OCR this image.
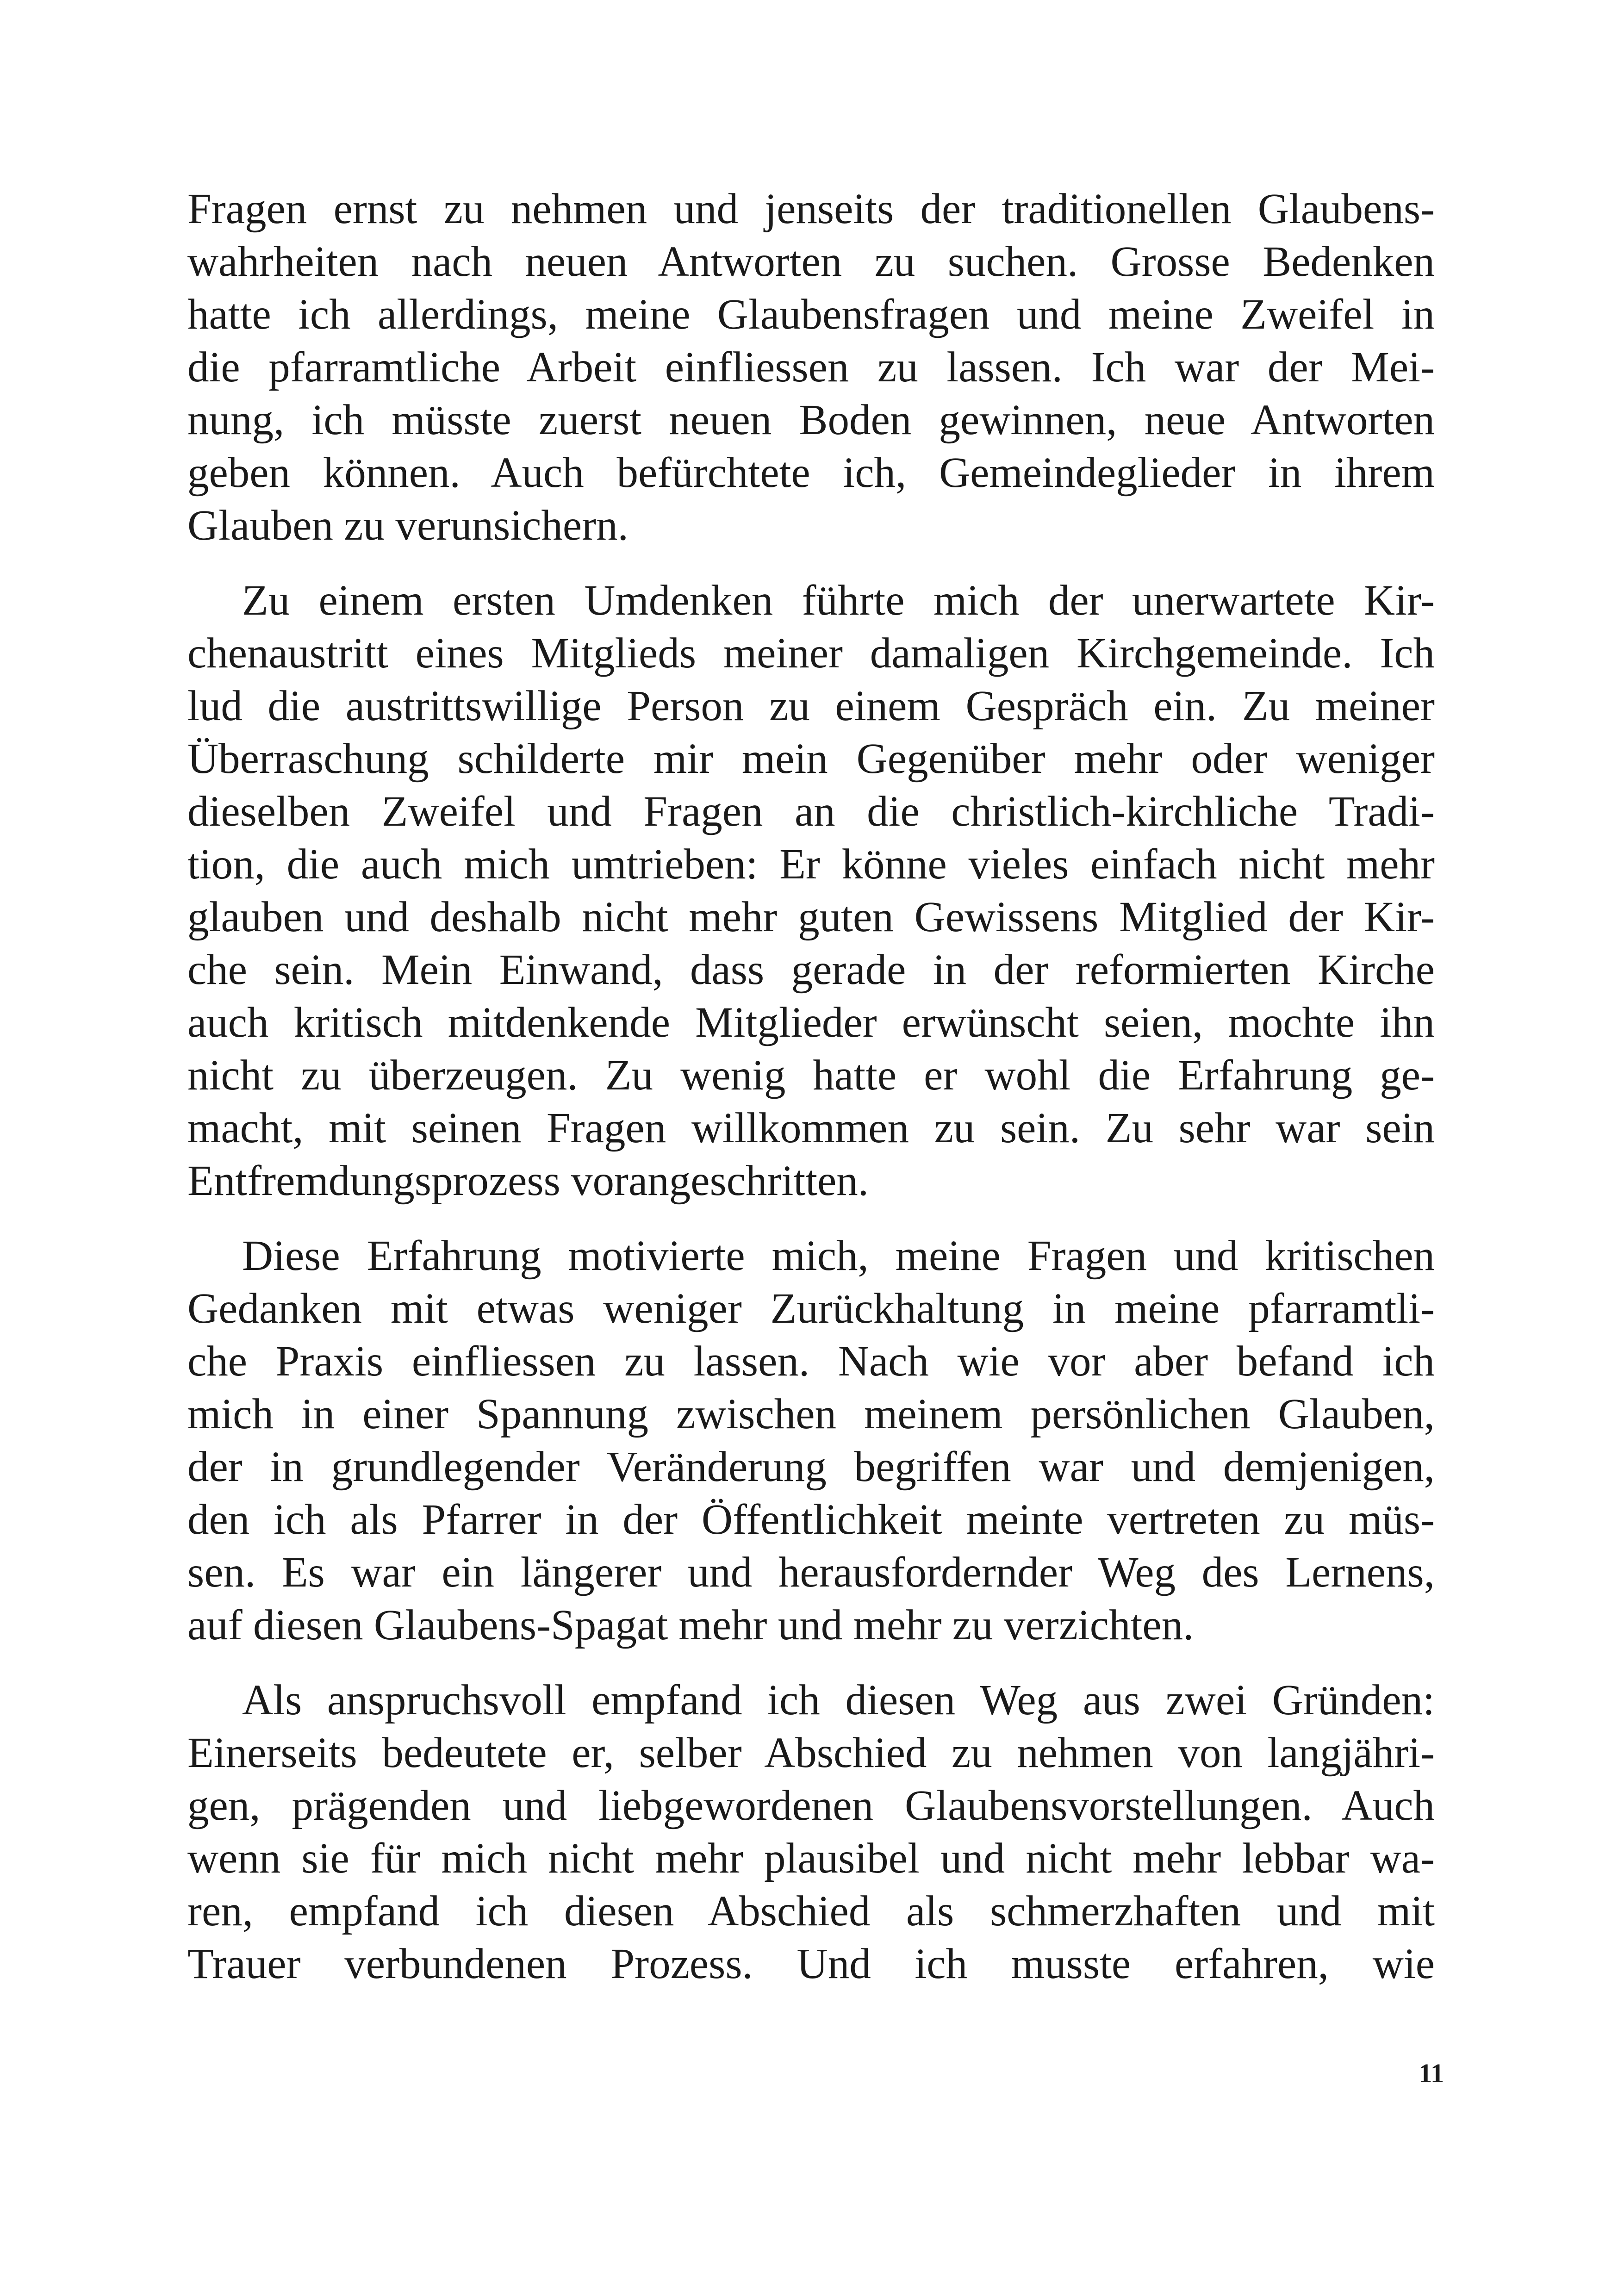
Fragen ernst zu nehmen und jenseits der traditionellen Glaubens-
wahrheiten nach neuen Antworten zu suchen. Grosse Bedenken
hatte ich allerdings, meine Glaubensfragen und meine Zweifel in
die pfarramtliche Arbeit einfliessen zu lassen. Ich war der Mei-
nung, ich müsste zuerst neuen Boden gewinnen, neue Antworten
geben können. Auch befürchtete ich, Gemeindeglieder in ihrem
Glauben zu verunsichern.
Zu einem ersten Umdenken führte mich der unerwartete Kir-
chenaustritt eines Mitglieds meiner damaligen Kirchgemeinde. Ich
lud die austrittswillige Person zu einem Gespräch ein. Zu meiner
Überraschung schilderte mir mein Gegenüber mehr oder weniger
dieselben Zweifel und Fragen an die christlich-kirchliche Tradi-
tion, die auch mich umtrieben: Er könne vieles einfach nicht mehr
glauben und deshalb nicht mehr guten Gewissens Mitglied der Kir-
che sein. Mein Einwand, dass gerade in der reformierten Kirche
auch kritisch mitdenkende Mitglieder erwünscht seien, mochte ihn
nicht zu überzeugen. Zu wenig hatte er wohl die Erfahrung ge-
macht, mit seinen Fragen willkommen zu sein. Zu sehr war sein
Entfremdungsprozess vorangeschritten.
Diese Erfahrung motivierte mich, meine Fragen und kritischen
Gedanken mit etwas weniger Zurückhaltung in meine pfarramtli-
che Praxis einfliessen zu lassen. Nach wie vor aber befand ich
mich in einer Spannung zwischen meinem persönlichen Glauben,
der in grundlegender Veränderung begriffen war und demjenigen,
den ich als Pfarrer in der Öffentlichkeit meinte vertreten zu müs-
sen. Es war ein längerer und herausfordernder Weg des Lernens,
auf diesen Glaubens-Spagat mehr und mehr zu verzichten.
Als anspruchsvoll empfand ich diesen Weg aus zwei Gründen:
Einerseits bedeutete er, selber Abschied zu nehmen von langjähri-
gen, prägenden und liebgewordenen Glaubensvorstellungen. Auch
wenn sie für mich nicht mehr plausibel und nicht mehr lebbar wa-
ren, empfand ich diesen Abschied als schmerzhaften und mit
Trauer verbundenen Prozess. Und ich musste erfahren, wie
11
